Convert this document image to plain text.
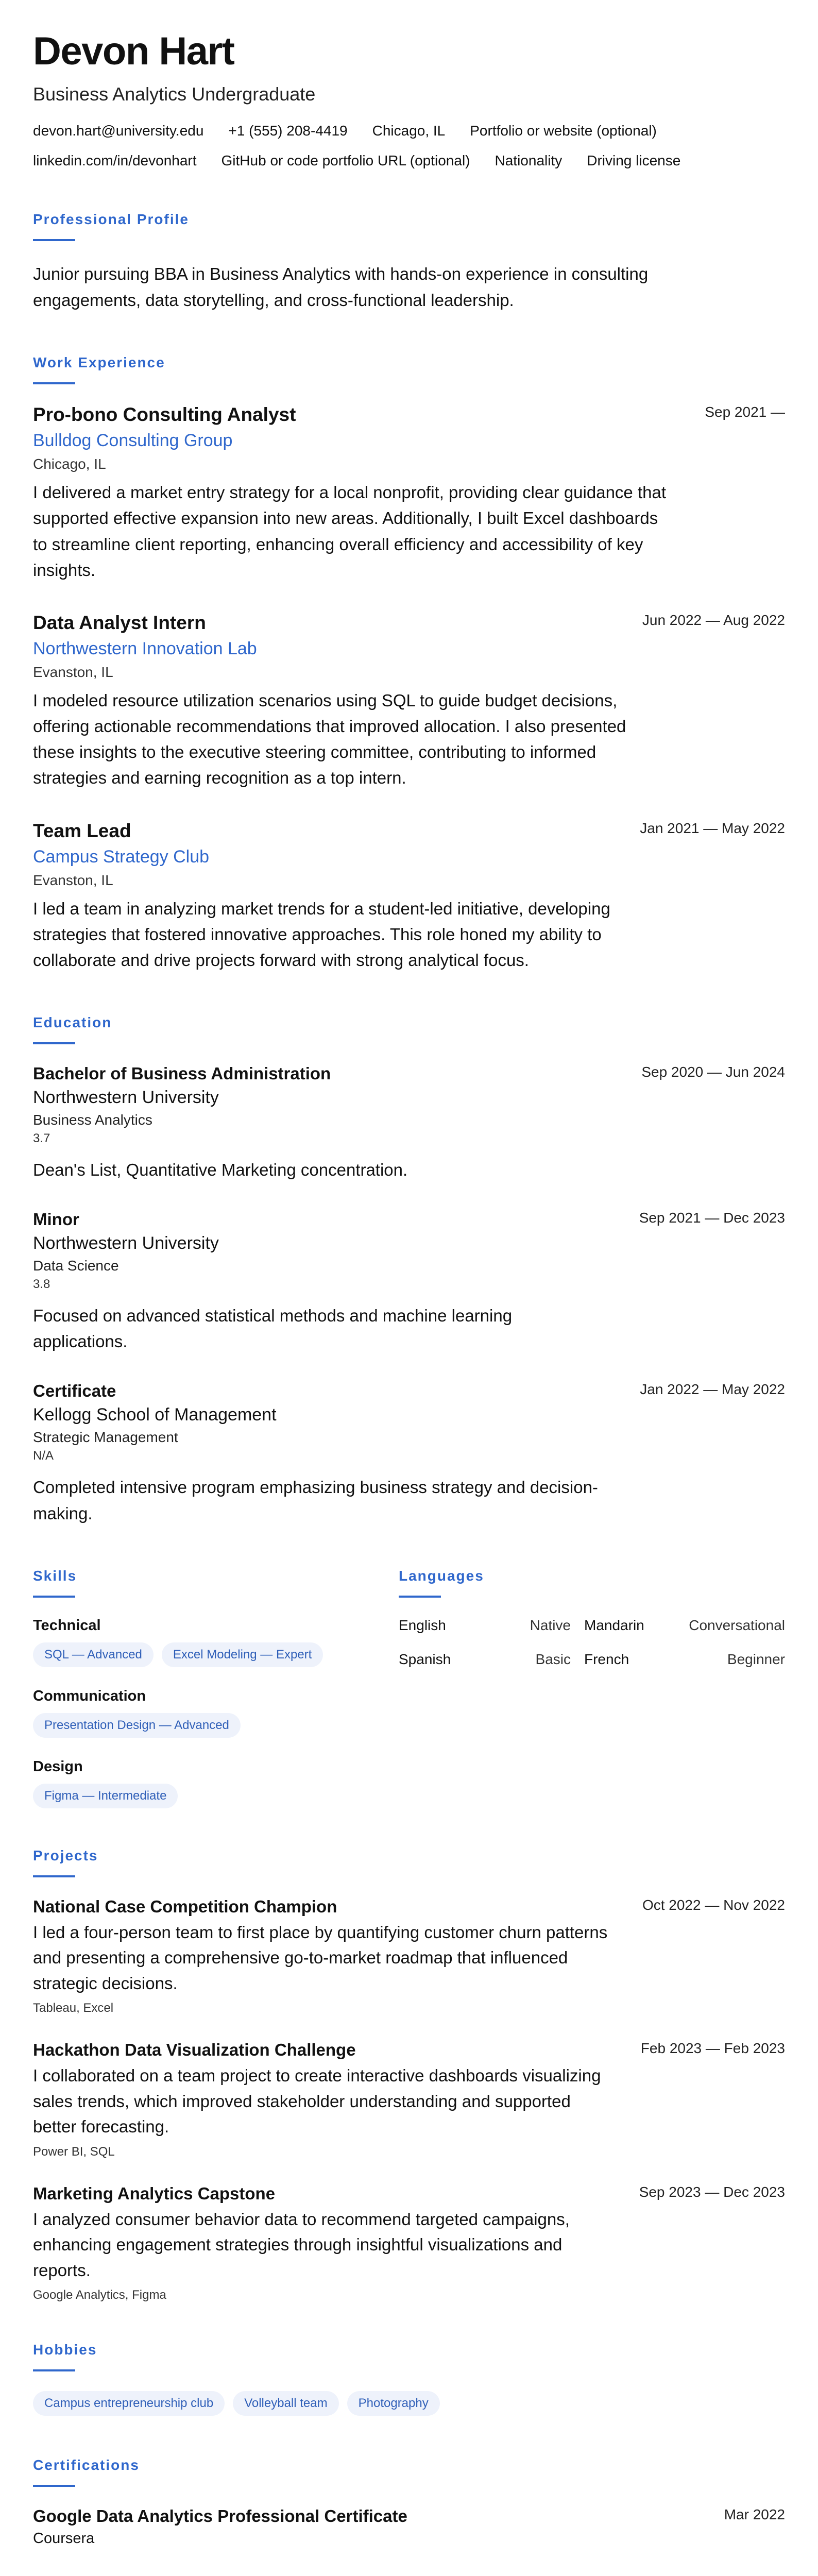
Devon Hart
Business Analytics Undergraduate
devon.hart@university.edu +1 (555) 208-4419 Chicago, IL Portfolio or website (optional)
linkedin.com/in/devonhart GitHub or code portfolio URL (optional) Nationality Driving license
Professional Profile
Junior pursuing BBA in Business Analytics with hands-on experience in consulting engagements, data storytelling, and cross-functional leadership.
Work Experience
Sep 2021 —
Pro-bono Consulting Analyst
Bulldog Consulting Group
Chicago, IL
I delivered a market entry strategy for a local nonprofit, providing clear guidance that supported effective expansion into new areas. Additionally, I built Excel dashboards to streamline client reporting, enhancing overall efficiency and accessibility of key insights.
Jun 2022 — Aug 2022
Data Analyst Intern
Northwestern Innovation Lab
Evanston, IL
I modeled resource utilization scenarios using SQL to guide budget decisions, offering actionable recommendations that improved allocation. I also presented these insights to the executive steering committee, contributing to informed strategies and earning recognition as a top intern.
Jan 2021 — May 2022
Team Lead
Campus Strategy Club
Evanston, IL
I led a team in analyzing market trends for a student-led initiative, developing strategies that fostered innovative approaches. This role honed my ability to collaborate and drive projects forward with strong analytical focus.
Education
Sep 2020 — Jun 2024
Bachelor of Business Administration
Northwestern University
Business Analytics
3.7
Dean's List, Quantitative Marketing concentration.
Sep 2021 — Dec 2023
Minor
Northwestern University
Data Science
3.8
Focused on advanced statistical methods and machine learning applications.
Jan 2022 — May 2022
Certificate
Kellogg School of Management
Strategic Management
N/A
Completed intensive program emphasizing business strategy and decision-making.
Skills
Technical
SQL — Advanced	Excel Modeling — Expert
Communication
Presentation Design — Advanced
Design
Figma — Intermediate
Languages
English	Native Mandarin	Conversational
Spanish	Basic French	Beginner
Projects
Oct 2022 — Nov 2022
National Case Competition Champion
I led a four-person team to first place by quantifying customer churn patterns and presenting a comprehensive go-to-market roadmap that influenced strategic decisions.
Tableau, Excel
Feb 2023 — Feb 2023
Hackathon Data Visualization Challenge
I collaborated on a team project to create interactive dashboards visualizing sales trends, which improved stakeholder understanding and supported better forecasting.
Power BI, SQL
Sep 2023 — Dec 2023
Marketing Analytics Capstone
I analyzed consumer behavior data to recommend targeted campaigns, enhancing engagement strategies through insightful visualizations and reports.
Google Analytics, Figma
Hobbies
Campus entrepreneurship club	Volleyball team	Photography
Certifications
Mar 2022
Google Data Analytics Professional Certificate
Coursera
